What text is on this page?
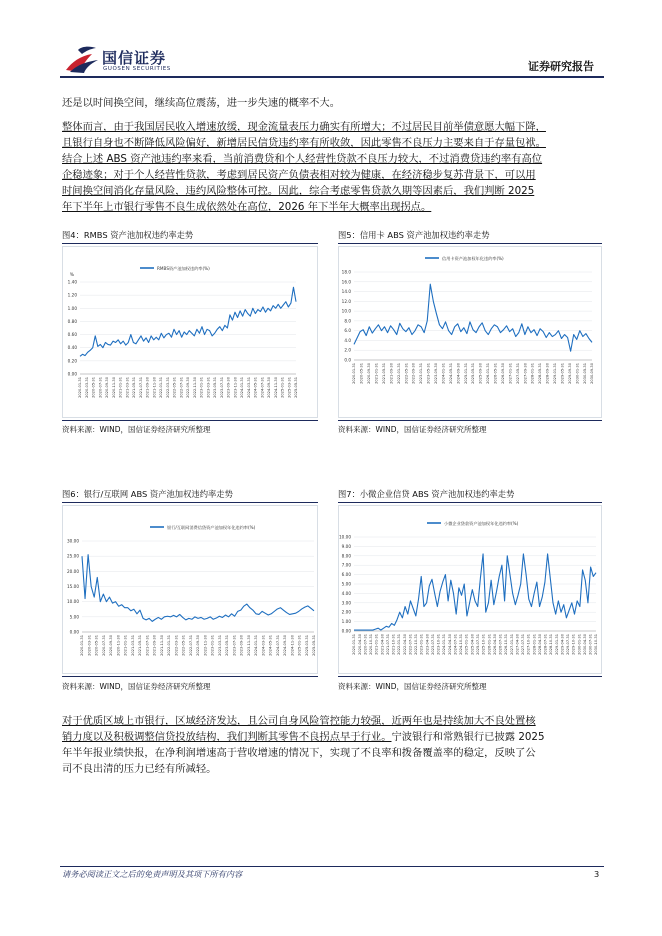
国信证券
GUOSEN SECURITIES	证券研究报告

还是以时间换空间，继续高位震荡，进一步失速的概率不大。

整体而言，由于我国居民收入增速放缓，现金流量表压力确实有所增大；不过居民目前举债意愿大幅下降，

且银行自身也不断降低风险偏好，新增居民信贷违约率有所收敛，因此零售不良压力主要来自于存量包袱。

结合上述 ABS 资产池违约率来看，当前消费贷和个人经营性贷款不良压力较大，不过消费贷违约率有高位

企稳迹象；对于个人经营性贷款，考虑到居民资产负债表相对较为健康，在经济稳步复苏背景下，可以用

时间换空间消化存量风险，违约风险整体可控。因此，综合考虑零售贷款久期等因素后，我们判断 2025

年下半年上市银行零售不良生成依然处在高位，2026 年下半年大概率出现拐点。

图4：RMBS 资产池加权违约率走势	图5：信用卡 ABS 资产池加权违约率走势
资料来源：WIND，国信证券经济研究所整理	资料来源：WIND，国信证券经济研究所整理
图6：银行/互联网 ABS 资产池加权违约率走势	图7：小微企业信贷 ABS 资产池加权违约率走势
资料来源：WIND，国信证券经济研究所整理	资料来源：WIND，国信证券经济研究所整理
RMBS资产池加权违约率(%)
%
0.00
0.20
0.40
0.60
0.80
1.00
1.20
1.40
2020-01-31 2020-03-31 2020-05-31 2020-07-31 2020-09-30 2020-11-30 2021-01-31 2021-03-31 2021-05-31 2021-07-31 2021-09-30 2021-11-30 2022-01-31 2022-03-31 2022-05-31 2022-07-31 2022-09-30 2022-11-30 2023-01-31 2023-03-31 2023-05-31 2023-07-31 2023-09-30 2023-11-30 2024-01-31 2024-03-31 2024-05-31 2024-07-31 2024-09-30 2024-11-30 2025-01-31 2025-03-31 2025-05-31
信用卡资产池加权年化违约率(%)
0.0
2.0
4.0
6.0
8.0
10.0
12.0
14.0
16.0
18.0
2020-01-31 2020-05-31 2020-09-30 2021-01-31 2021-05-31 2021-09-30 2022-01-31 2022-05-31 2022-09-30 2023-01-31 2023-05-31 2023-09-30 2024-01-31 2024-05-31 2024-09-30 2025-01-31 2025-05-31 2025-09-30 2026-01-31 2026-05-31 2026-09-30 2027-01-31 2027-05-31 2027-09-30 2028-01-31 2028-05-31 2028-09-30 2029-01-31 2029-05-31 2029-09-30 2030-01-31 2030-05-31 2030-09-30
银行/互联网消费信贷资产池加权年化违约率(%)
0.00
5.00
10.00
15.00
20.00
25.00
30.00
2020-01-31 2020-03-31 2020-05-31 2020-07-31 2020-09-30 2020-11-30 2021-01-31 2021-03-31 2021-05-31 2021-07-31 2021-09-30 2021-11-30 2022-01-31 2022-03-31 2022-05-31 2022-07-31 2022-09-30 2022-11-30 2023-01-31 2023-03-31 2023-05-31 2023-07-31 2023-09-30 2023-11-30 2024-01-31 2024-03-31 2024-05-31 2024-07-31 2024-09-30 2024-11-30 2025-01-31 2025-03-31 2025-05-31
小微企业贷款资产池加权年化违约率(%)
0.00
1.00
2.00
3.00
4.00
5.00
6.00
7.00
8.00
9.00
10.00
2020-01-31 2020-04-30 2020-07-31 2020-10-31 2021-01-31 2021-04-30 2021-07-31 2021-10-31 2022-01-31 2022-04-30 2022-07-31 2022-10-31 2023-01-31 2023-04-30 2023-07-31 2023-10-31 2024-01-31 2024-04-30 2024-07-31 2024-10-31 2025-01-31 2025-04-30 2025-07-31 2025-10-31 2026-01-31 2026-04-30 2026-07-31 2026-10-31 2027-01-31 2027-04-30 2027-07-31 2027-10-31 2028-01-31 2028-04-30 2028-07-31 2028-10-31 2029-01-31 2029-04-30 2029-07-31 2029-10-31 2030-01-31 2030-04-30 2030-07-31 2030-10-31

对于优质区域上市银行，区域经济发达，且公司自身风险管控能力较强，近两年也是持续加大不良处置核

销力度以及积极调整信贷投放结构，我们判断其零售不良拐点早于行业。宁波银行和常熟银行已披露 2025

年半年报业绩快报，在净利润增速高于营收增速的情况下，实现了不良率和拨备覆盖率的稳定，反映了公

司不良出清的压力已经有所减轻。

请务必阅读正文之后的免责声明及其项下所有内容	3
